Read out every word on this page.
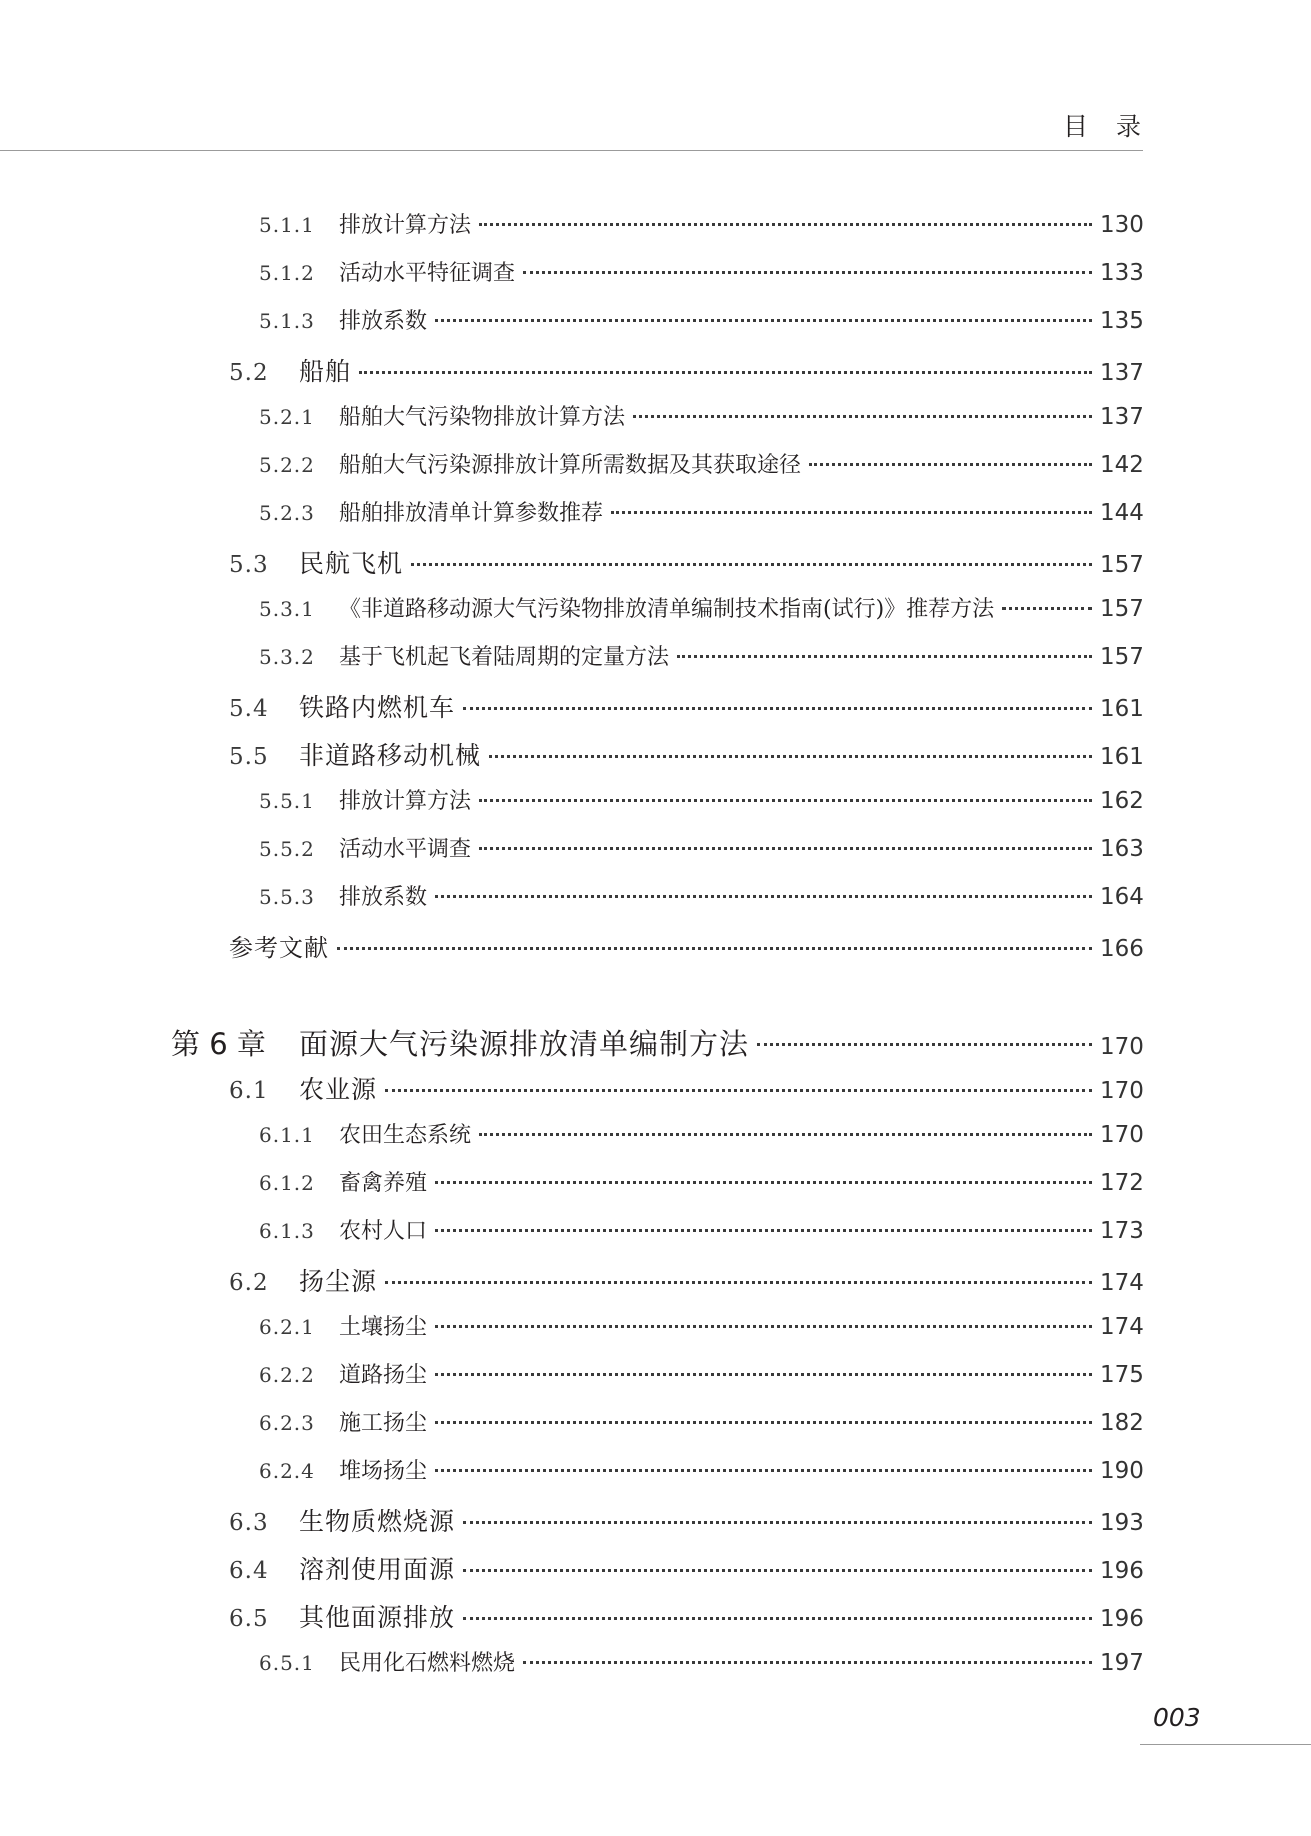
目录
5.1.1	排放计算方法	130
5.1.2	活动水平特征调查	133
5.1.3	排放系数	135
5.2	船舶	137
5.2.1	船舶大气污染物排放计算方法	137
5.2.2	船舶大气污染源排放计算所需数据及其获取途径	142
5.2.3	船舶排放清单计算参数推荐	144
5.3	民航飞机	157
5.3.1	《非道路移动源大气污染物排放清单编制技术指南(试行)》推荐方法	157
5.3.2	基于飞机起飞着陆周期的定量方法	157
5.4	铁路内燃机车	161
5.5	非道路移动机械	161
5.5.1	排放计算方法	162
5.5.2	活动水平调查	163
5.5.3	排放系数	164
参考文献	166
第 6 章	面源大气污染源排放清单编制方法	170
6.1	农业源	170
6.1.1	农田生态系统	170
6.1.2	畜禽养殖	172
6.1.3	农村人口	173
6.2	扬尘源	174
6.2.1	土壤扬尘	174
6.2.2	道路扬尘	175
6.2.3	施工扬尘	182
6.2.4	堆场扬尘	190
6.3	生物质燃烧源	193
6.4	溶剂使用面源	196
6.5	其他面源排放	196
6.5.1	民用化石燃料燃烧	197
003
